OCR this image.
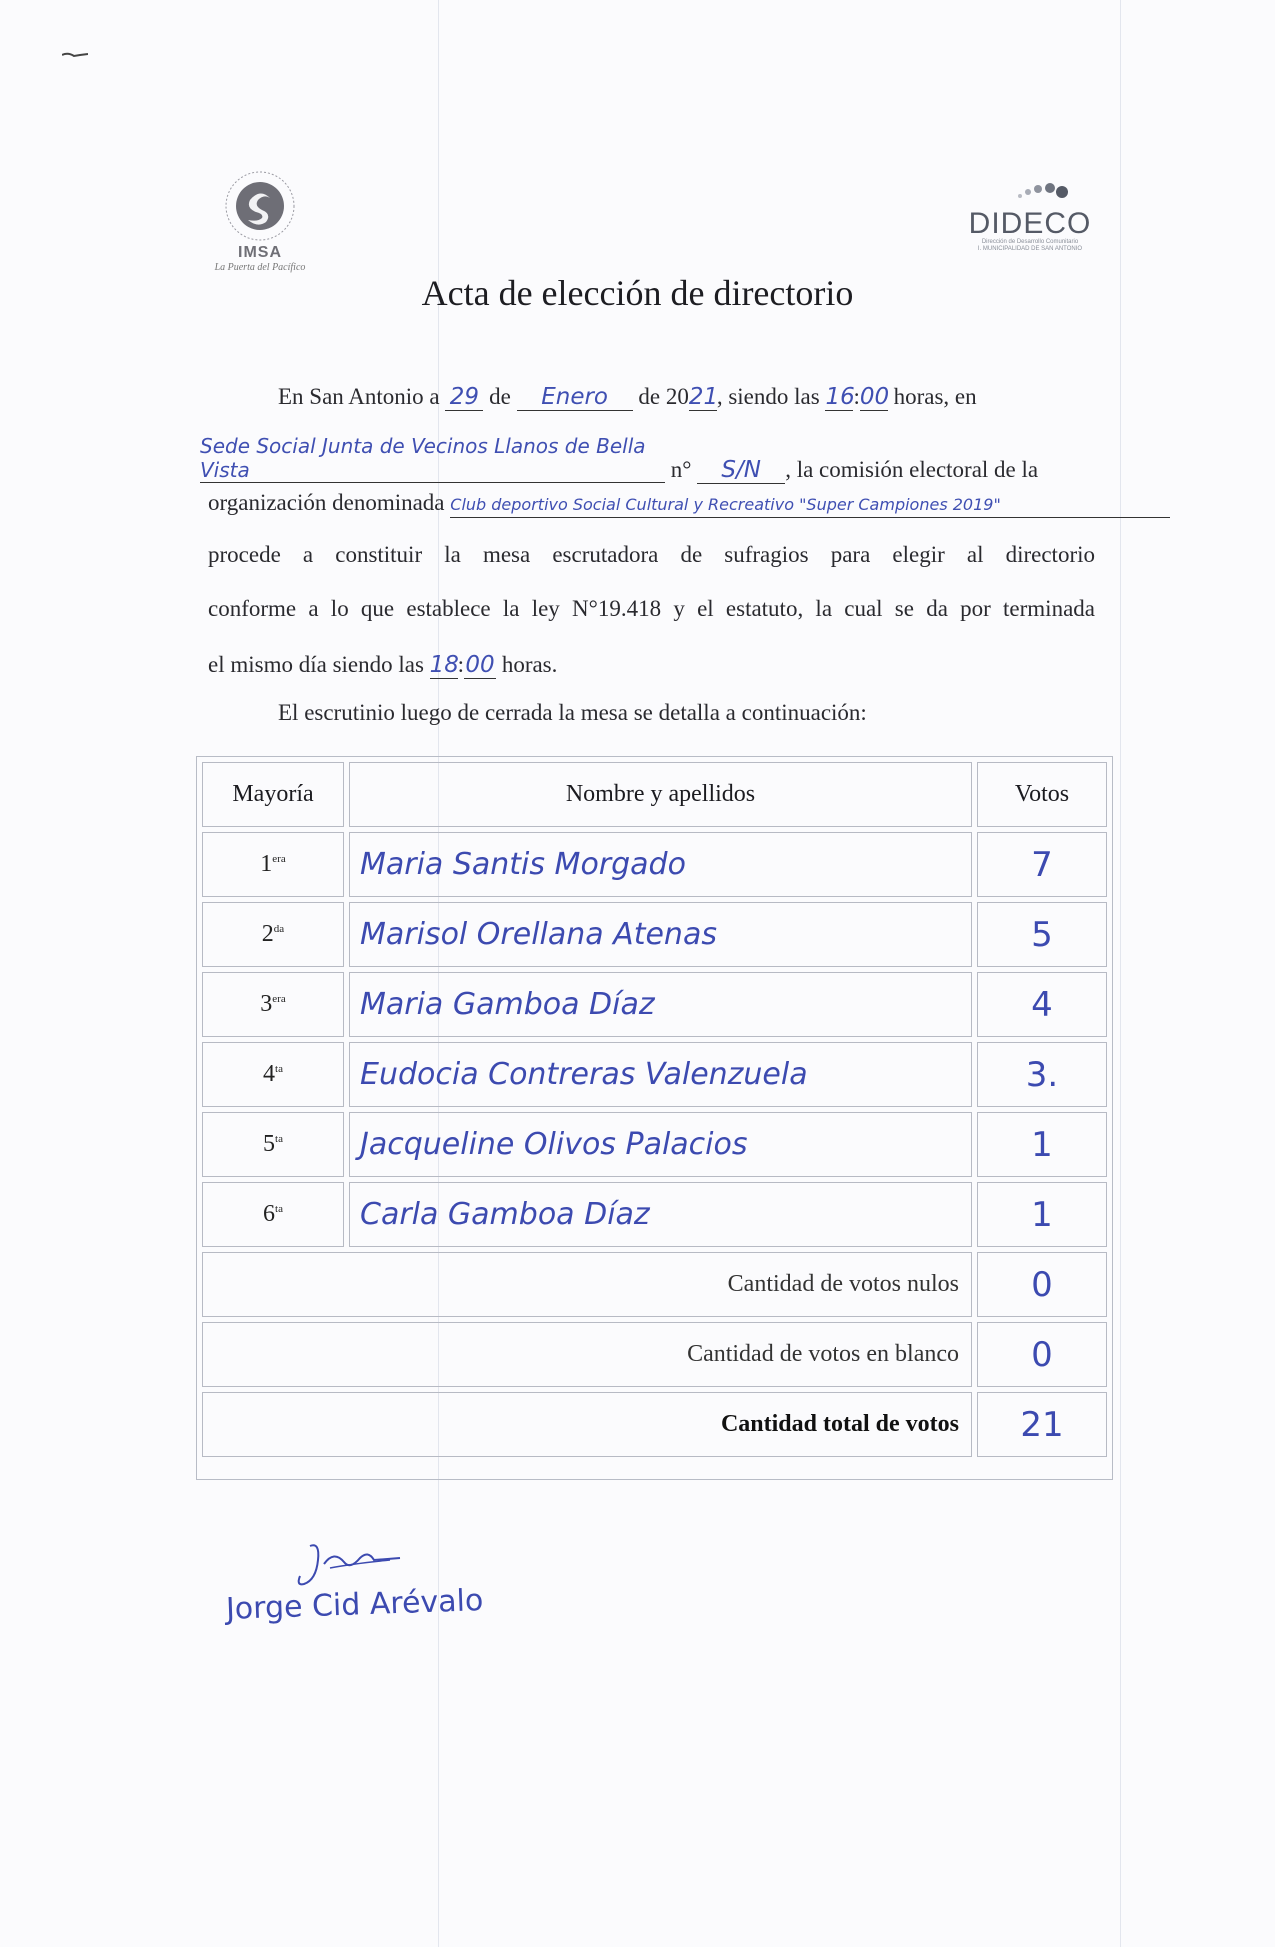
IMSA
La Puerta del Pacífico
DIDECO
Dirección de Desarrollo Comunitario
I. MUNICIPALIDAD DE SAN ANTONIO
Acta de elección de directorio
En San Antonio a 29 de Enero de 2021, siendo las 16:00 horas, en
Sede Social Junta de Vecinos Llanos de Bella Vista	n° S/N , la comisión electoral de la
organización denominada Club deportivo Social Cultural y Recreativo "Super Campiones 2019"
procede a constituir la mesa escrutadora de sufragios para elegir al directorio
conforme a lo que establece la ley N°19.418 y el estatuto, la cual se da por terminada
el mismo día siendo las 18:00 horas.
El escrutinio luego de cerrada la mesa se detalla a continuación:
Mayoría	Nombre y apellidos	Votos
$1^{era}$	Maria Santis Morgado	7
$2^{da}$	Marisol Orellana Atenas	5
$3^{era}$	Maria Gamboa Díaz	4
$4^{ta}$	Eudocia Contreras Valenzuela	3.
$5^{ta}$	Jacqueline Olivos Palacios	1
$6^{ta}$	Carla Gamboa Díaz	1
Cantidad de votos nulos		0
Cantidad de votos en blanco		0
Cantidad total de votos		21
Jorge Cid Arévalo
